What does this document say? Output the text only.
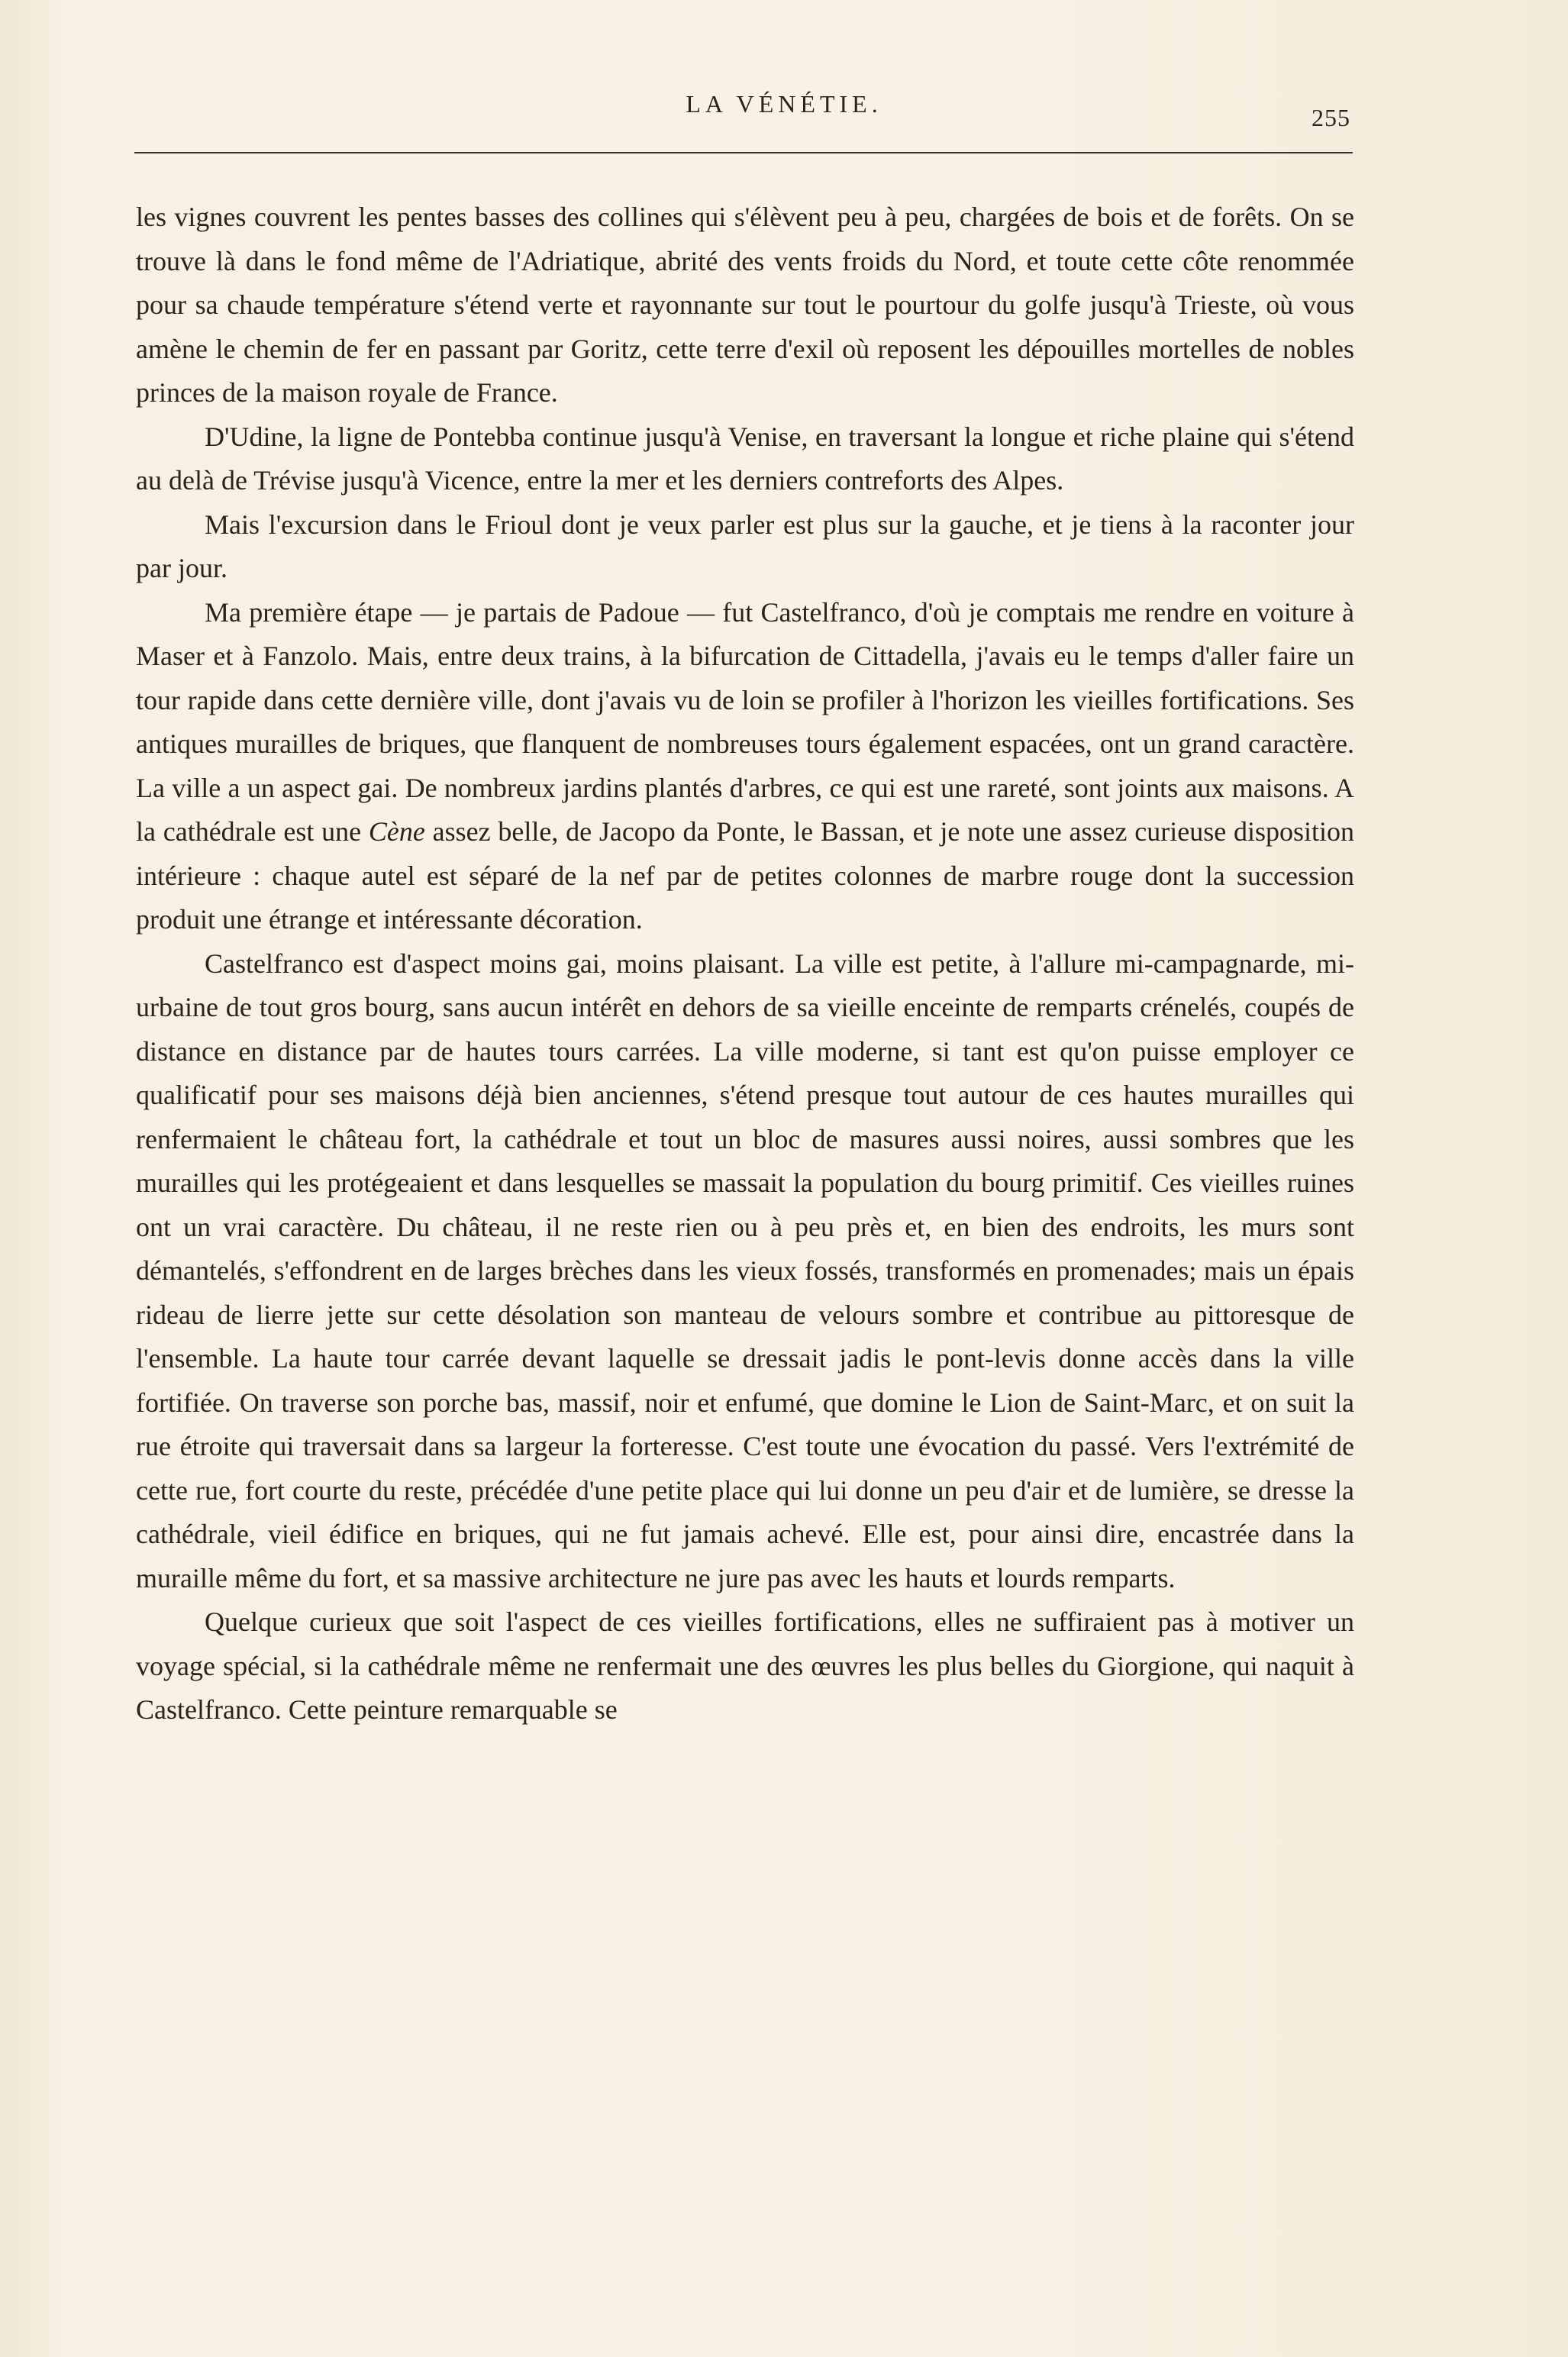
LA VÉNÉTIE.	255

les vignes couvrent les pentes basses des collines qui s'élèvent peu à peu, chargées de bois et de forêts. On se trouve là dans le fond même de l'Adriatique, abrité des vents froids du Nord, et toute cette côte renommée pour sa chaude température s'étend verte et rayonnante sur tout le pourtour du golfe jusqu'à Trieste, où vous amène le chemin de fer en passant par Goritz, cette terre d'exil où reposent les dépouilles mortelles de nobles princes de la maison royale de France.

D'Udine, la ligne de Pontebba continue jusqu'à Venise, en traversant la longue et riche plaine qui s'étend au delà de Trévise jusqu'à Vicence, entre la mer et les derniers contreforts des Alpes.

Mais l'excursion dans le Frioul dont je veux parler est plus sur la gauche, et je tiens à la raconter jour par jour.

Ma première étape — je partais de Padoue — fut Castelfranco, d'où je comptais me rendre en voiture à Maser et à Fanzolo. Mais, entre deux trains, à la bifurcation de Cittadella, j'avais eu le temps d'aller faire un tour rapide dans cette dernière ville, dont j'avais vu de loin se profiler à l'horizon les vieilles fortifications. Ses antiques murailles de briques, que flanquent de nombreuses tours également espacées, ont un grand caractère. La ville a un aspect gai. De nombreux jardins plantés d'arbres, ce qui est une rareté, sont joints aux maisons. A la cathédrale est une Cène assez belle, de Jacopo da Ponte, le Bassan, et je note une assez curieuse disposition intérieure : chaque autel est séparé de la nef par de petites colonnes de marbre rouge dont la succession produit une étrange et intéressante décoration.

Castelfranco est d'aspect moins gai, moins plaisant. La ville est petite, à l'allure mi-campagnarde, mi-urbaine de tout gros bourg, sans aucun intérêt en dehors de sa vieille enceinte de remparts crénelés, coupés de distance en distance par de hautes tours carrées. La ville moderne, si tant est qu'on puisse employer ce qualificatif pour ses maisons déjà bien anciennes, s'étend presque tout autour de ces hautes murailles qui renfermaient le château fort, la cathédrale et tout un bloc de masures aussi noires, aussi sombres que les murailles qui les protégeaient et dans lesquelles se massait la population du bourg primitif. Ces vieilles ruines ont un vrai caractère. Du château, il ne reste rien ou à peu près et, en bien des endroits, les murs sont démantelés, s'effondrent en de larges brèches dans les vieux fossés, transformés en promenades; mais un épais rideau de lierre jette sur cette désolation son manteau de velours sombre et contribue au pittoresque de l'ensemble. La haute tour carrée devant laquelle se dressait jadis le pont-levis donne accès dans la ville fortifiée. On traverse son porche bas, massif, noir et enfumé, que domine le Lion de Saint-Marc, et on suit la rue étroite qui traversait dans sa largeur la forteresse. C'est toute une évocation du passé. Vers l'extrémité de cette rue, fort courte du reste, précédée d'une petite place qui lui donne un peu d'air et de lumière, se dresse la cathédrale, vieil édifice en briques, qui ne fut jamais achevé. Elle est, pour ainsi dire, encastrée dans la muraille même du fort, et sa massive architecture ne jure pas avec les hauts et lourds remparts.

Quelque curieux que soit l'aspect de ces vieilles fortifications, elles ne suffiraient pas à motiver un voyage spécial, si la cathédrale même ne renfermait une des œuvres les plus belles du Giorgione, qui naquit à Castelfranco. Cette peinture remarquable se
